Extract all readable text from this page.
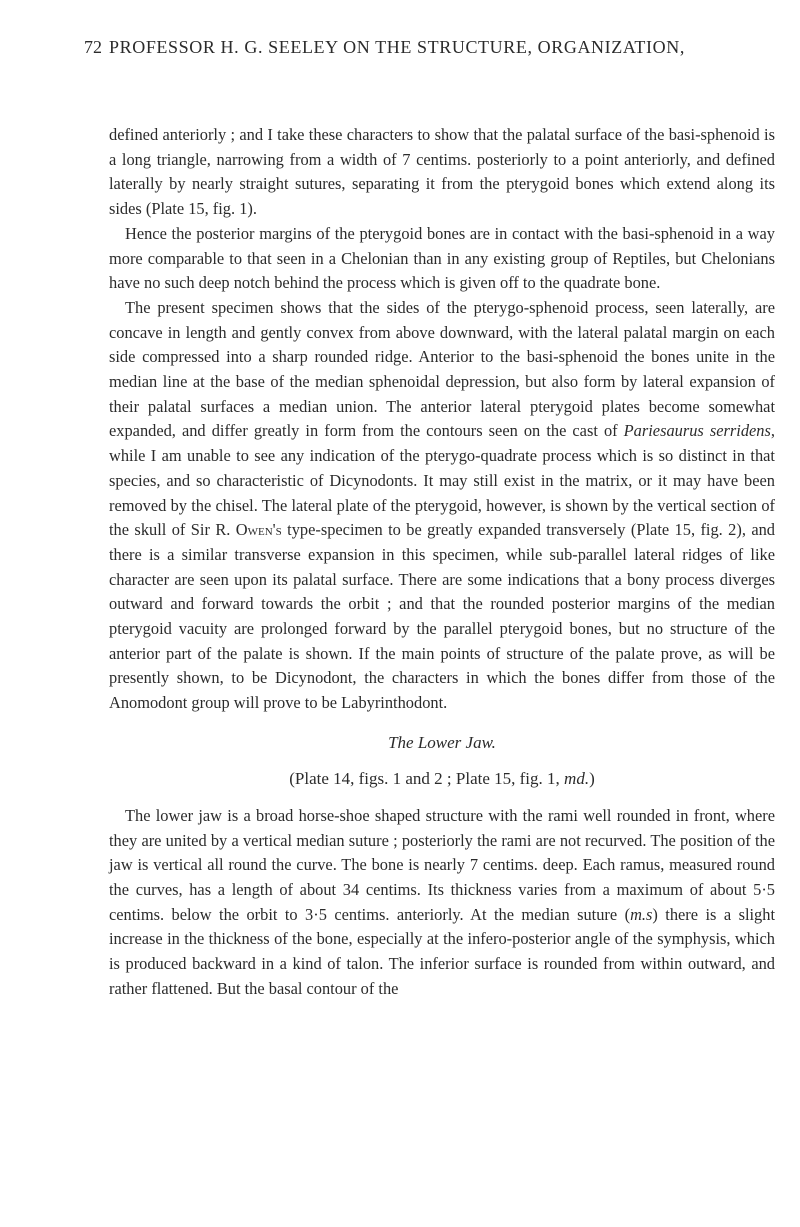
72 PROFESSOR H. G. SEELEY ON THE STRUCTURE, ORGANIZATION,

defined anteriorly ; and I take these characters to show that the palatal surface of the basi-sphenoid is a long triangle, narrowing from a width of 7 centims. posteriorly to a point anteriorly, and defined laterally by nearly straight sutures, separating it from the pterygoid bones which extend along its sides (Plate 15, fig. 1).

Hence the posterior margins of the pterygoid bones are in contact with the basi-sphenoid in a way more comparable to that seen in a Chelonian than in any existing group of Reptiles, but Chelonians have no such deep notch behind the process which is given off to the quadrate bone.

The present specimen shows that the sides of the pterygo-sphenoid process, seen laterally, are concave in length and gently convex from above downward, with the lateral palatal margin on each side compressed into a sharp rounded ridge. Anterior to the basi-sphenoid the bones unite in the median line at the base of the median sphenoidal depression, but also form by lateral expansion of their palatal surfaces a median union. The anterior lateral pterygoid plates become somewhat expanded, and differ greatly in form from the contours seen on the cast of Pariesaurus serridens, while I am unable to see any indication of the pterygo-quadrate process which is so distinct in that species, and so characteristic of Dicynodonts. It may still exist in the matrix, or it may have been removed by the chisel. The lateral plate of the pterygoid, however, is shown by the vertical section of the skull of Sir R. Owen's type-specimen to be greatly expanded transversely (Plate 15, fig. 2), and there is a similar transverse expansion in this specimen, while sub-parallel lateral ridges of like character are seen upon its palatal surface. There are some indications that a bony process diverges outward and forward towards the orbit ; and that the rounded posterior margins of the median pterygoid vacuity are prolonged forward by the parallel pterygoid bones, but no structure of the anterior part of the palate is shown. If the main points of structure of the palate prove, as will be presently shown, to be Dicynodont, the characters in which the bones differ from those of the Anomodont group will prove to be Labyrinthodont.

The Lower Jaw.
(Plate 14, figs. 1 and 2 ; Plate 15, fig. 1, md.)

The lower jaw is a broad horse-shoe shaped structure with the rami well rounded in front, where they are united by a vertical median suture ; posteriorly the rami are not recurved. The position of the jaw is vertical all round the curve. The bone is nearly 7 centims. deep. Each ramus, measured round the curves, has a length of about 34 centims. Its thickness varies from a maximum of about 5·5 centims. below the orbit to 3·5 centims. anteriorly. At the median suture (m.s) there is a slight increase in the thickness of the bone, especially at the infero-posterior angle of the symphysis, which is produced backward in a kind of talon. The inferior surface is rounded from within outward, and rather flattened. But the basal contour of the
